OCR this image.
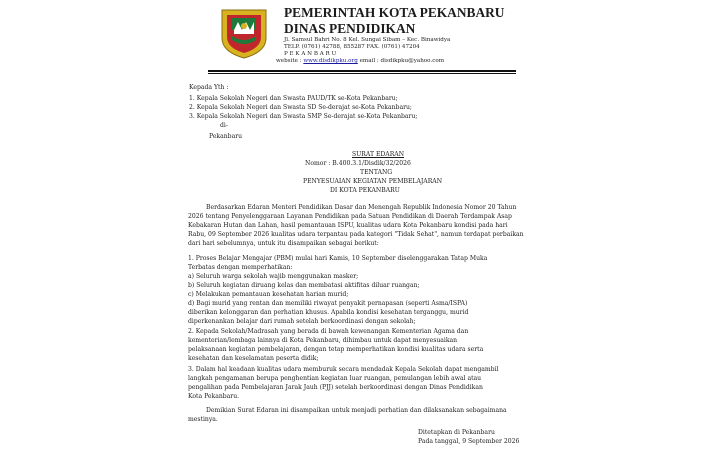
PEMERINTAH KOTA PEKANBARU
DINAS PENDIDIKAN
Jl. Samsul Bahri No. 8 Kel. Sungai Sibam – Kec. Binawidya
TELP. (0761) 42788, 855287 FAX. (0761) 47204
P E K A N B A R U
website : www.disdikpku.org email : disdikpku@yahoo.com
Kepada Yth :
1. Kepala Sekolah Negeri dan Swasta PAUD/TK se-Kota Pekanbaru;
2. Kepala Sekolah Negeri dan Swasta SD Se-derajat se-Kota Pekanbaru;
3. Kepala Sekolah Negeri dan Swasta SMP Se-derajat se-Kota Pekanbaru;
di-
Pekanbaru
SURAT EDARAN
Nomor : B.400.3.1/Disdik/32/2026
TENTANG
PENYESUAIAN KEGIATAN PEMBELAJARAN
DI KOTA PEKANBARU
Berdasarkan Edaran Menteri Pendidikan Dasar dan Menengah Republik Indonesia Nomor 20 Tahun
2026 tentang Penyelenggaraan Layanan Pendidikan pada Satuan Pendidikan di Daerah Terdampak Asap
Kebakaran Hutan dan Lahan, hasil pemantauan ISPU, kualitas udara Kota Pekanbaru kondisi pada hari
Rabu, 09 September 2026 kualitas udara terpantau pada kategori "Tidak Sehat", namun terdapat perbaikan
dari hari sebelumnya, untuk itu disampaikan sebagai berikut:
1. Proses Belajar Mengajar (PBM) mulai hari Kamis, 10 September diselenggarakan Tatap Muka
Terbatas dengan memperhatikan:
a) Seluruh warga sekolah wajib menggunakan masker;
b) Seluruh kegiatan diruang kelas dan membatasi aktifitas diluar ruangan;
c) Melakukan pemantauan kesehatan harian murid;
d) Bagi murid yang rentan dan memiliki riwayat penyakit pernapasan (seperti Asma/ISPA)
diberikan kelonggaran dan perhatian khusus. Apabila kondisi kesehatan terganggu, murid
diperkenankan belajar dari rumah setelah berkoordinasi dengan sekolah;
2. Kepada Sekolah/Madrasah yang berada di bawah kewenangan Kementerian Agama dan
kementerian/lembaga lainnya di Kota Pekanbaru, dihimbau untuk dapat menyesuaikan
pelaksanaan kegiatan pembelajaran, dengan tetap memperhatikan kondisi kualitas udara serta
kesehatan dan keselamatan peserta didik;
3. Dalam hal keadaan kualitas udara memburuk secara mendadak Kepala Sekolah dapat mengambil
langkah pengamanan berupa penghentian kegiatan luar ruangan, pemulangan lebih awal atau
pengalihan pada Pembelajaran Jarak Jauh (PJJ) setelah berkoordinasi dengan Dinas Pendidikan
Kota Pekanbaru.
Demikian Surat Edaran ini disampaikan untuk menjadi perhatian dan dilaksanakan sebagaimana
mestinya.
Ditetapkan di Pekanbaru
Pada tanggal, 9 September 2026
